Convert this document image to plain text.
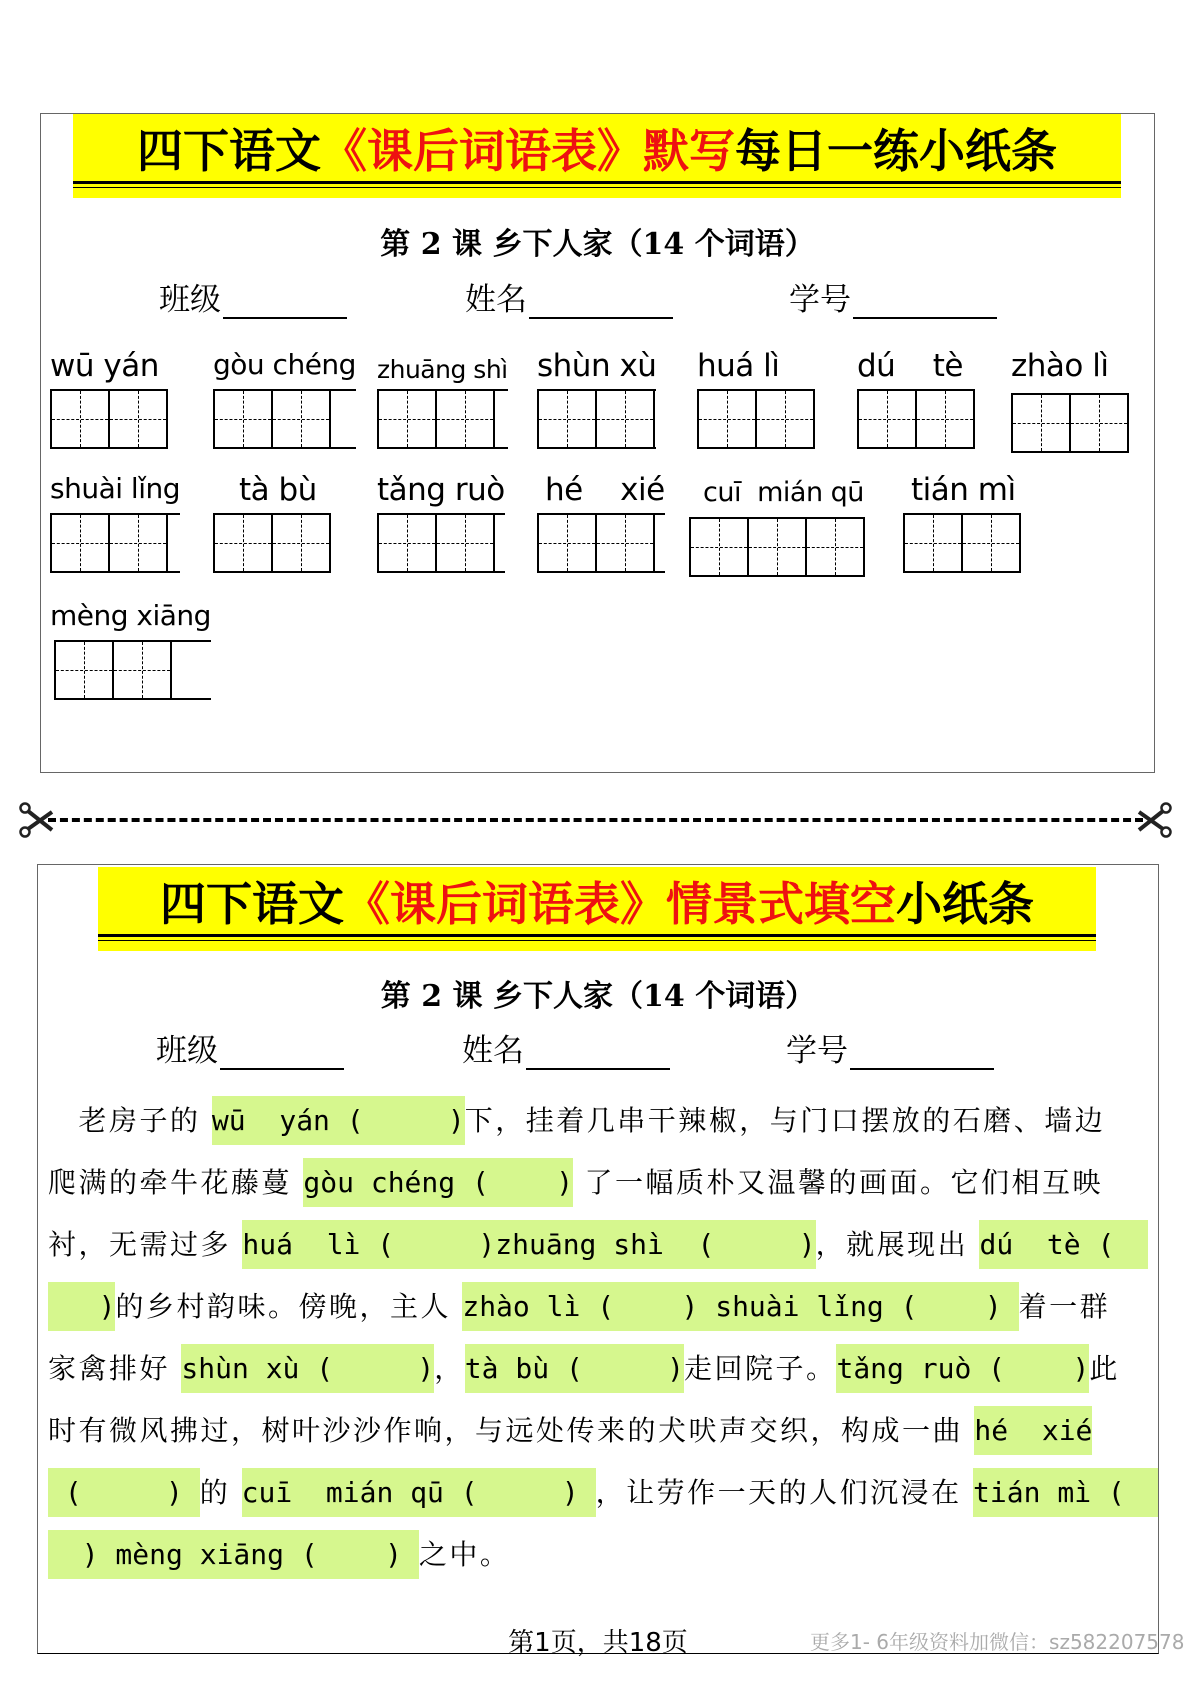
四下语文《课后词语表》默写每日一练小纸条
第 2 课 乡下人家（14 个词语）
班级	姓名	学号
wū yán	gòu chéng zhuāng shì shùn xù huá lì	dú    tè	zhào lì
shuài lǐng	tà bù	tǎng ruò hé    xié	cuī  mián qū tián mì
mèng xiāng
四下语文《课后词语表》情景式填空小纸条
第 2 课 乡下人家（14 个词语）
班级	姓名	学号
　老房子的 wū  yán (     )下，挂着几串干辣椒，与门口摆放的石磨、墙边
爬满的牵牛花藤蔓 gòu chéng (    ) 了一幅质朴又温馨的画面。它们相互映
衬，无需过多 huá  lì (     )zhuāng shì  (     )，就展现出 dú  tè (
)的乡村韵味。傍晚，主人 zhào lì (    ) shuài lǐng (    ) 着一群
家禽排好 shùn xù (     )，tà bù (     )走回院子。tǎng ruò (    )此
时有微风拂过，树叶沙沙作响，与远处传来的犬吠声交织，构成一曲 hé  xié
(     ) 的 cuī  mián qū (     ) ，让劳作一天的人们沉浸在 tián mì (
) mèng xiāng (    ) 之中。
第1页，共18页	更多1- 6年级资料加微信：sz582207578
